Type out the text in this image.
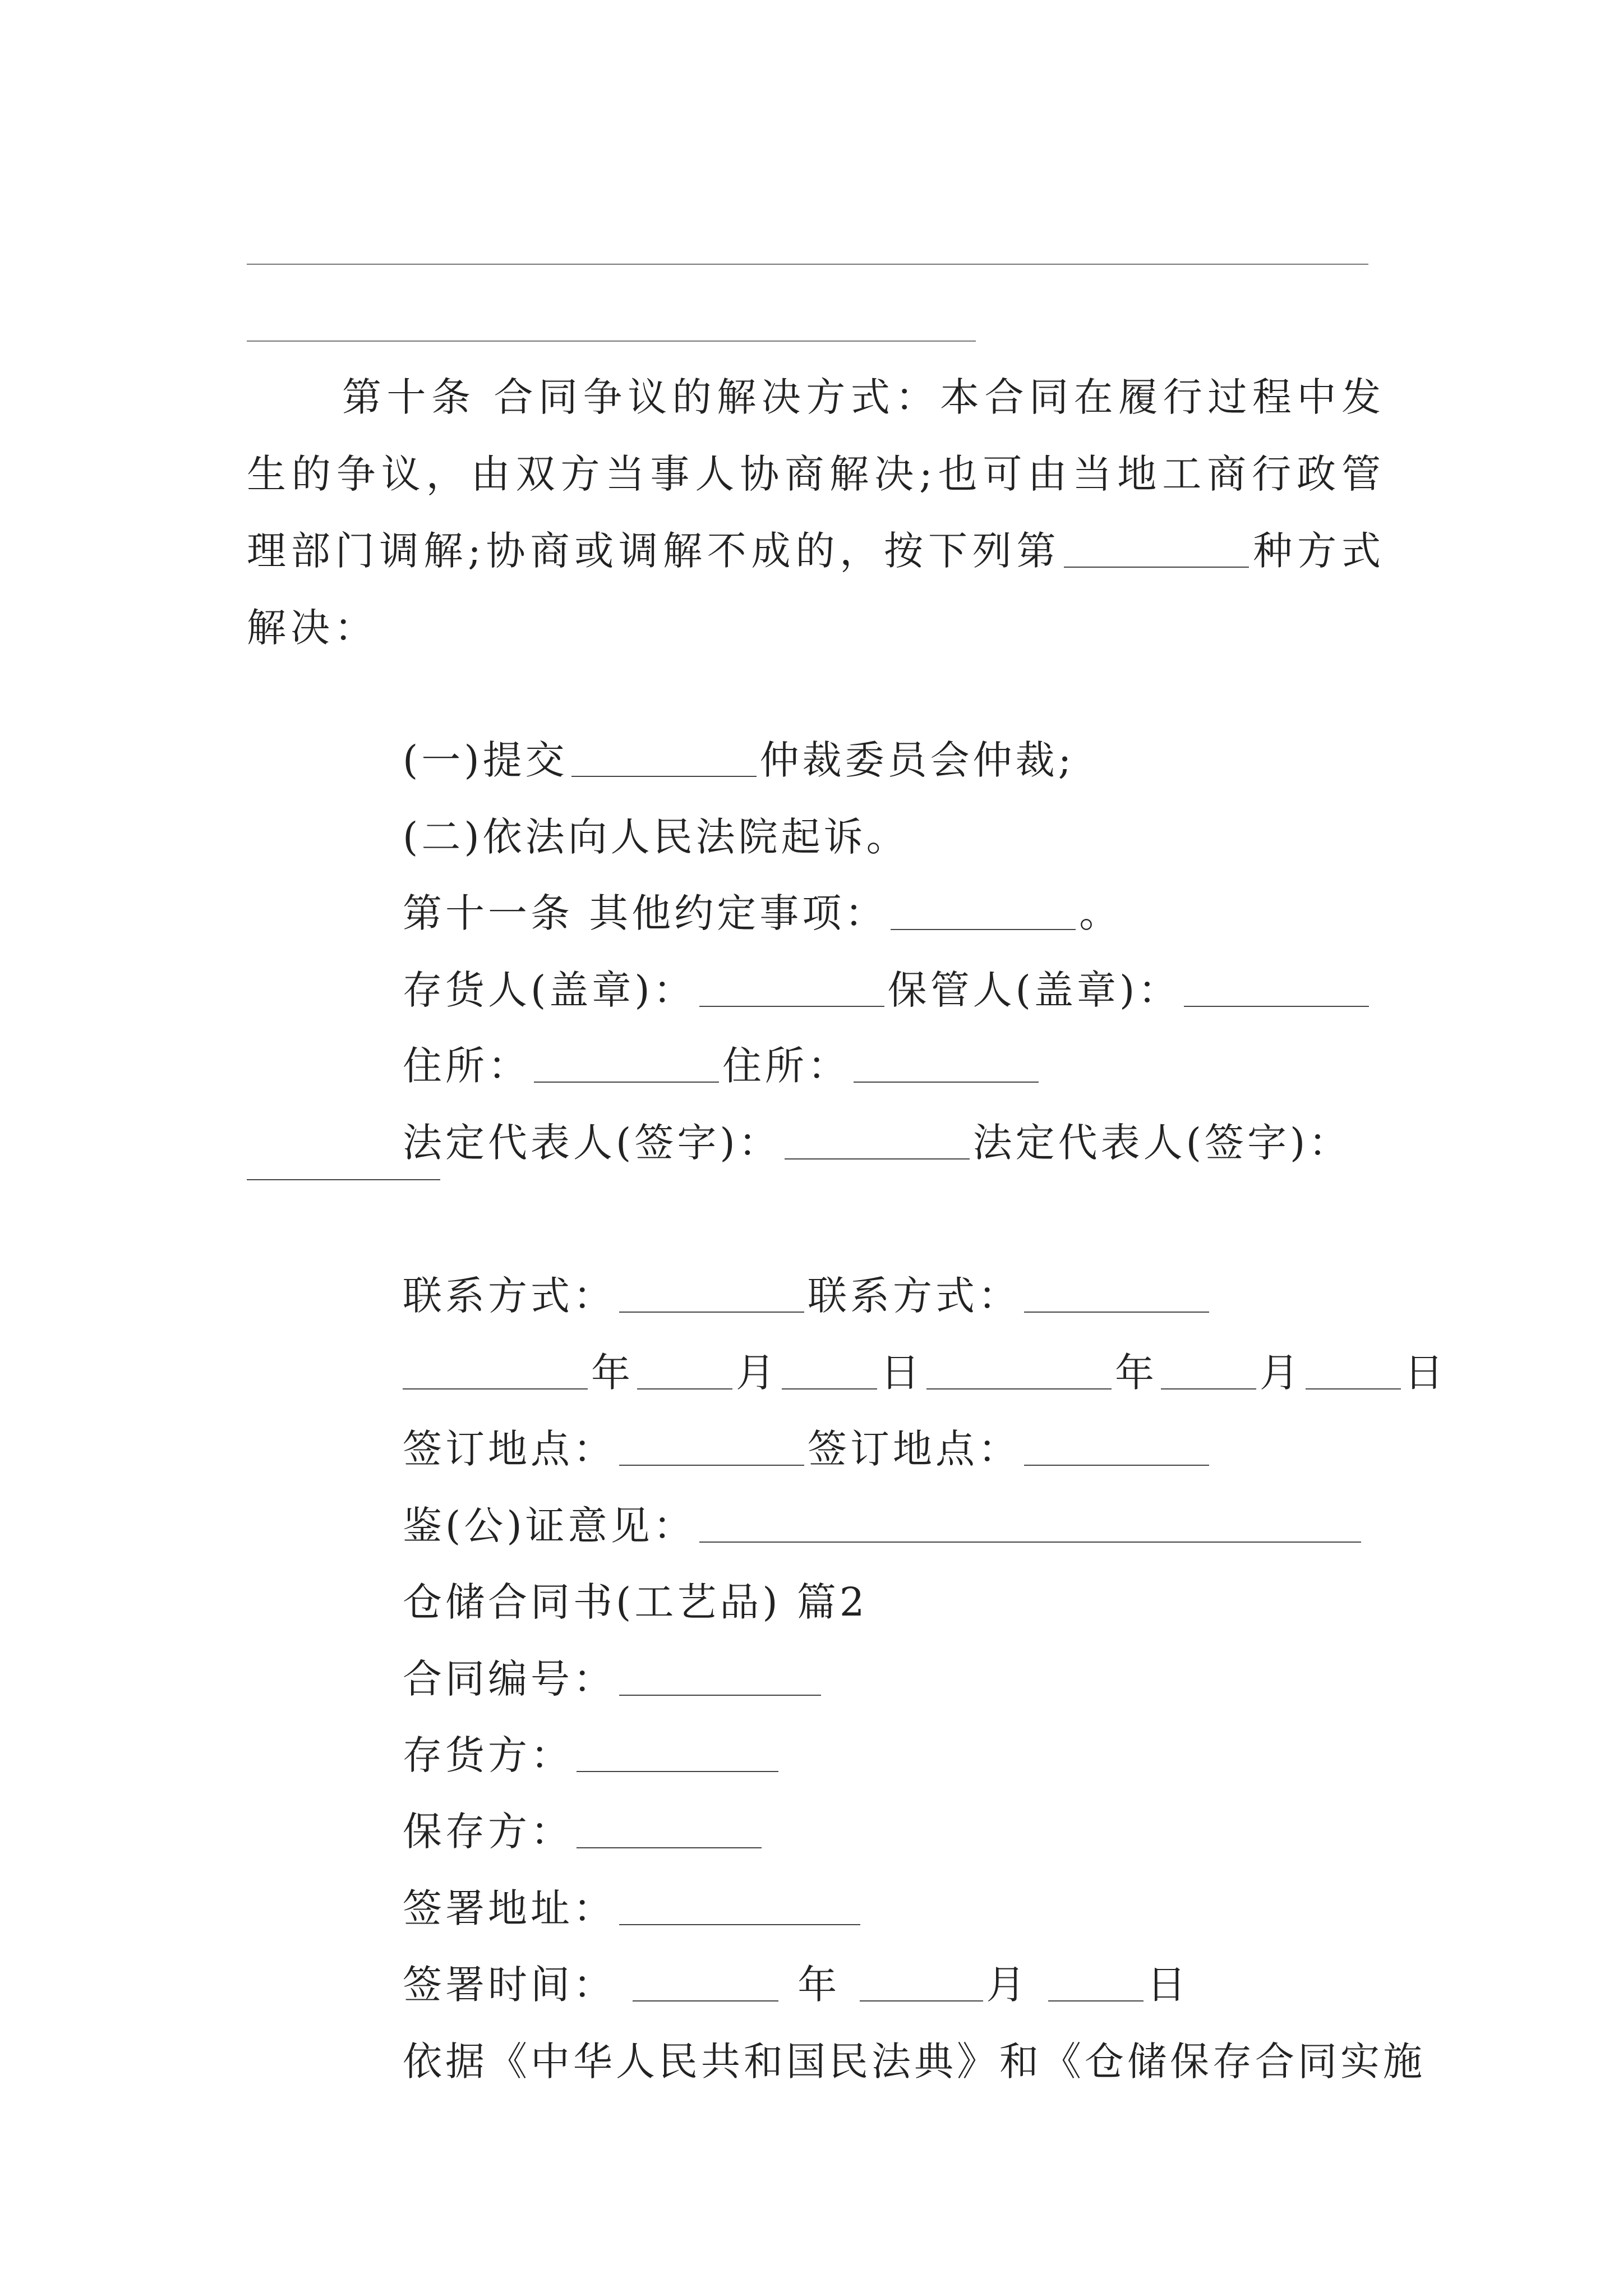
第十条 合同争议的解决方式：本合同在履行过程中发生的争议，由双方当事人协商解决;也可由当地工商行政管理部门调解;协商或调解不成的，按下列第	种方式解决：

(一)提交	仲裁委员会仲裁;

(二)依法向人民法院起诉。

第十一条 其他约定事项：	。

存货人(盖章)：	保管人(盖章)：

住所：	住所：

法定代表人(签字)：	法定代表人(签字)：

联系方式：	联系方式：

年	月	日	年	月	日

签订地点：	签订地点：

鉴(公)证意见：

仓储合同书(工艺品) 篇2

合同编号：

存货方：

保存方：

签署地址：

签署时间：	年	月	日

依据《中华人民共和国民法典》和《仓储保存合同实施
